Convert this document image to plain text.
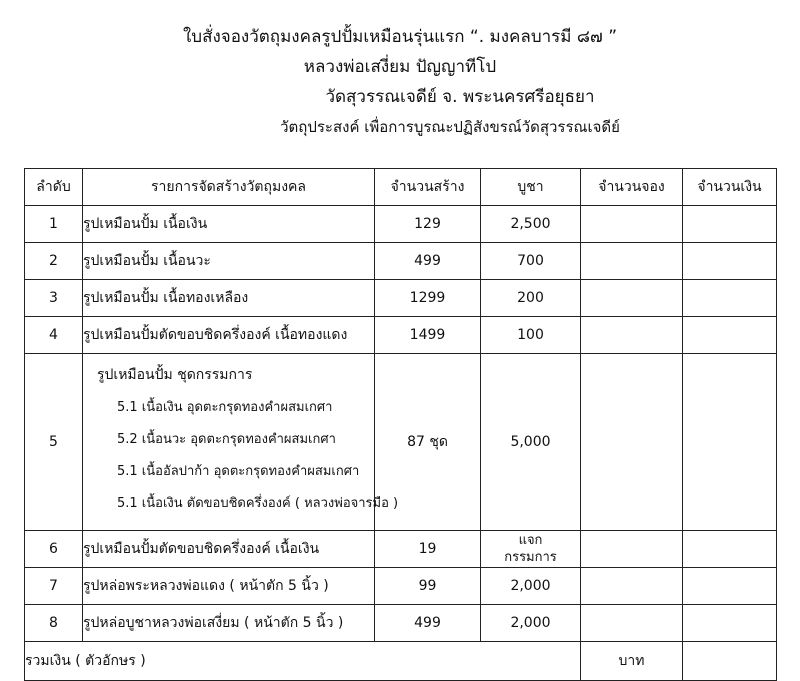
ใบสั่งจองวัตถุมงคลรูปปั้มเหมือนรุ่นแรก “. มงคลบารมี ๘๗ ”
หลวงพ่อเสงี่ยม ปัญญาทีโป
วัดสุวรรณเจดีย์ จ. พระนครศรีอยุธยา
วัตถุประสงค์ เพื่อการบูรณะปฏิสังขรณ์วัดสุวรรณเจดีย์
ลำดับ	รายการจัดสร้างวัตถุมงคล	จำนวนสร้าง	บูชา	จำนวนจอง	จำนวนเงิน
1	รูปเหมือนปั้ม เนื้อเงิน	129	2,500		
2	รูปเหมือนปั้ม เนื้อนวะ	499	700		
3	รูปเหมือนปั้ม เนื้อทองเหลือง	1299	200		
4	รูปเหมือนปั้มตัดขอบชิดครึ่งองค์ เนื้อทองแดง	1499	100		
5	รูปเหมือนปั้ม ชุดกรรมการ
5.1 เนื้อเงิน อุดตะกรุดทองคำผสมเกศา
5.2 เนื้อนวะ อุดตะกรุดทองคำผสมเกศา
5.1 เนื้ออัลปาก้า อุดตะกรุดทองคำผสมเกศา
5.1 เนื้อเงิน ตัดขอบชิดครึ่งองค์ ( หลวงพ่อจารมือ )	87 ชุด	5,000		
6	รูปเหมือนปั้มตัดขอบชิดครึ่งองค์ เนื้อเงิน	19	แจก
กรรมการ		

7	รูปหล่อพระหลวงพ่อแดง ( หน้าตัก 5 นิ้ว )	99	2,000		
8	รูปหล่อบูชาหลวงพ่อเสงี่ยม ( หน้าตัก 5 นิ้ว )	499	2,000		
รวมเงิน ( ตัวอักษร )				บาท	
